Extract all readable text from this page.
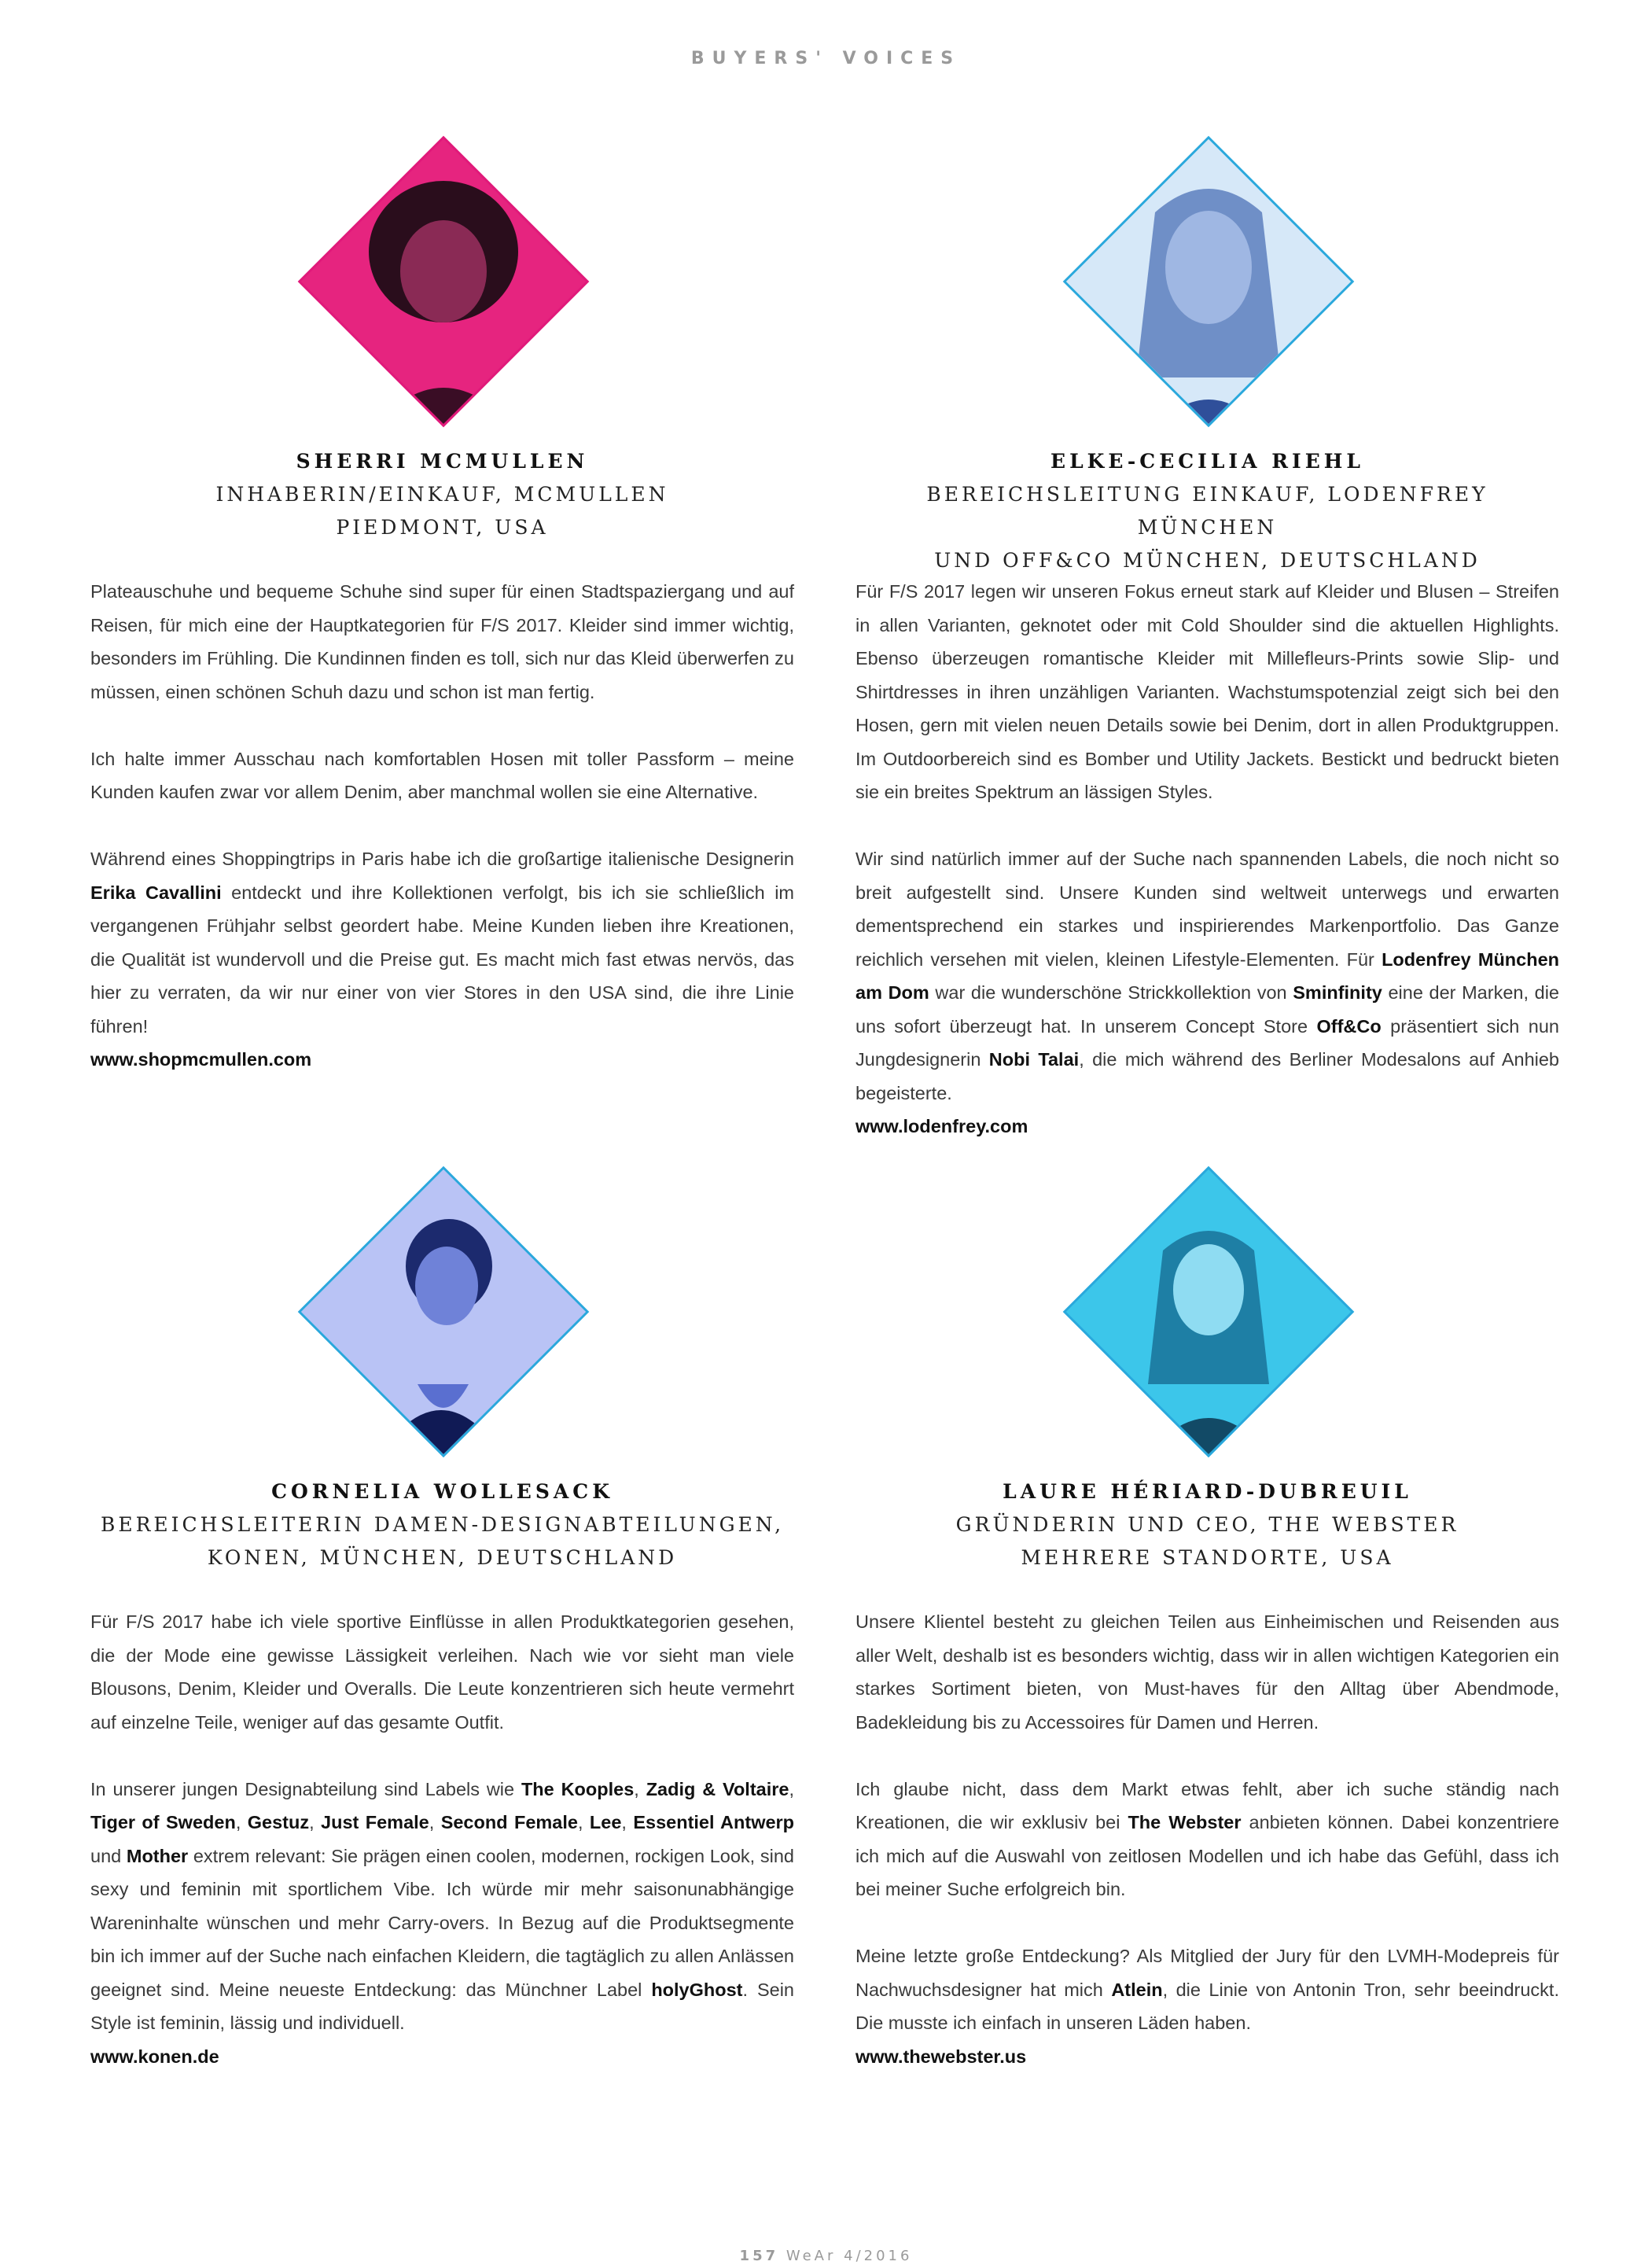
BUYERS' VOICES
SHERRI MCMULLEN
INHABERIN/EINKAUF, MCMULLEN
PIEDMONT, USA
ELKE-CECILIA RIEHL
BEREICHSLEITUNG EINKAUF, LODENFREY MÜNCHEN
UND OFF&CO MÜNCHEN, DEUTSCHLAND
CORNELIA WOLLESACK
BEREICHSLEITERIN DAMEN-DESIGNABTEILUNGEN,
KONEN, MÜNCHEN, DEUTSCHLAND
LAURE HÉRIARD-DUBREUIL
GRÜNDERIN UND CEO, THE WEBSTER
MEHRERE STANDORTE, USA

Plateauschuhe und bequeme Schuhe sind super für einen Stadtspaziergang und auf Reisen, für mich eine der Hauptkategorien für F/S 2017. Kleider sind immer wichtig, besonders im Frühling. Die Kundinnen finden es toll, sich nur das Kleid überwerfen zu müssen, einen schönen Schuh dazu und schon ist man fertig.

Ich halte immer Ausschau nach komfortablen Hosen mit toller Passform – meine Kunden kaufen zwar vor allem Denim, aber manchmal wollen sie eine Alternative.

Während eines Shoppingtrips in Paris habe ich die großartige italienische Designerin Erika Cavallini entdeckt und ihre Kollektionen verfolgt, bis ich sie schließlich im vergangenen Frühjahr selbst geordert habe. Meine Kunden lieben ihre Kreationen, die Qualität ist wundervoll und die Preise gut. Es macht mich fast etwas nervös, das hier zu verraten, da wir nur einer von vier Stores in den USA sind, die ihre Linie führen!

www.shopmcmullen.com

Für F/S 2017 legen wir unseren Fokus erneut stark auf Kleider und Blusen – Streifen in allen Varianten, geknotet oder mit Cold Shoulder sind die aktuellen Highlights. Ebenso überzeugen romantische Kleider mit Millefleurs-Prints sowie Slip- und Shirtdresses in ihren unzähligen Varianten. Wachstumspotenzial zeigt sich bei den Hosen, gern mit vielen neuen Details sowie bei Denim, dort in allen Produktgruppen. Im Outdoorbereich sind es Bomber und Utility Jackets. Bestickt und bedruckt bieten sie ein breites Spektrum an lässigen Styles.

Wir sind natürlich immer auf der Suche nach spannenden Labels, die noch nicht so breit aufgestellt sind. Unsere Kunden sind weltweit unterwegs und erwarten dementsprechend ein starkes und inspirierendes Markenportfolio. Das Ganze reichlich versehen mit vielen, kleinen Lifestyle-Elementen. Für Lodenfrey München am Dom war die wunderschöne Strickkollektion von Sminfinity eine der Marken, die uns sofort überzeugt hat. In unserem Concept Store Off&Co präsentiert sich nun Jungdesignerin Nobi Talai, die mich während des Berliner Modesalons auf Anhieb begeisterte.

www.lodenfrey.com

Für F/S 2017 habe ich viele sportive Einflüsse in allen Produktkategorien gesehen, die der Mode eine gewisse Lässigkeit verleihen. Nach wie vor sieht man viele Blousons, Denim, Kleider und Overalls. Die Leute konzentrieren sich heute vermehrt auf einzelne Teile, weniger auf das gesamte Outfit.

In unserer jungen Designabteilung sind Labels wie The Kooples, Zadig & Voltaire, Tiger of Sweden, Gestuz, Just Female, Second Female, Lee, Essentiel Antwerp und Mother extrem relevant: Sie prägen einen coolen, modernen, rockigen Look, sind sexy und feminin mit sportlichem Vibe. Ich würde mir mehr saisonunabhängige Wareninhalte wünschen und mehr Carry-overs. In Bezug auf die Produktsegmente bin ich immer auf der Suche nach einfachen Kleidern, die tagtäglich zu allen Anlässen geeignet sind. Meine neueste Entdeckung: das Münchner Label holyGhost. Sein Style ist feminin, lässig und individuell.

www.konen.de

Unsere Klientel besteht zu gleichen Teilen aus Einheimischen und Reisenden aus aller Welt, deshalb ist es besonders wichtig, dass wir in allen wichtigen Kategorien ein starkes Sortiment bieten, von Must-haves für den Alltag über Abendmode, Badekleidung bis zu Accessoires für Damen und Herren.

Ich glaube nicht, dass dem Markt etwas fehlt, aber ich suche ständig nach Kreationen, die wir exklusiv bei The Webster anbieten können. Dabei konzentriere ich mich auf die Auswahl von zeitlosen Modellen und ich habe das Gefühl, dass ich bei meiner Suche erfolgreich bin.

Meine letzte große Entdeckung? Als Mitglied der Jury für den LVMH-Modepreis für Nachwuchsdesigner hat mich Atlein, die Linie von Antonin Tron, sehr beeindruckt. Die musste ich einfach in unseren Läden haben.

www.thewebster.us
157 WeAr 4/2016
